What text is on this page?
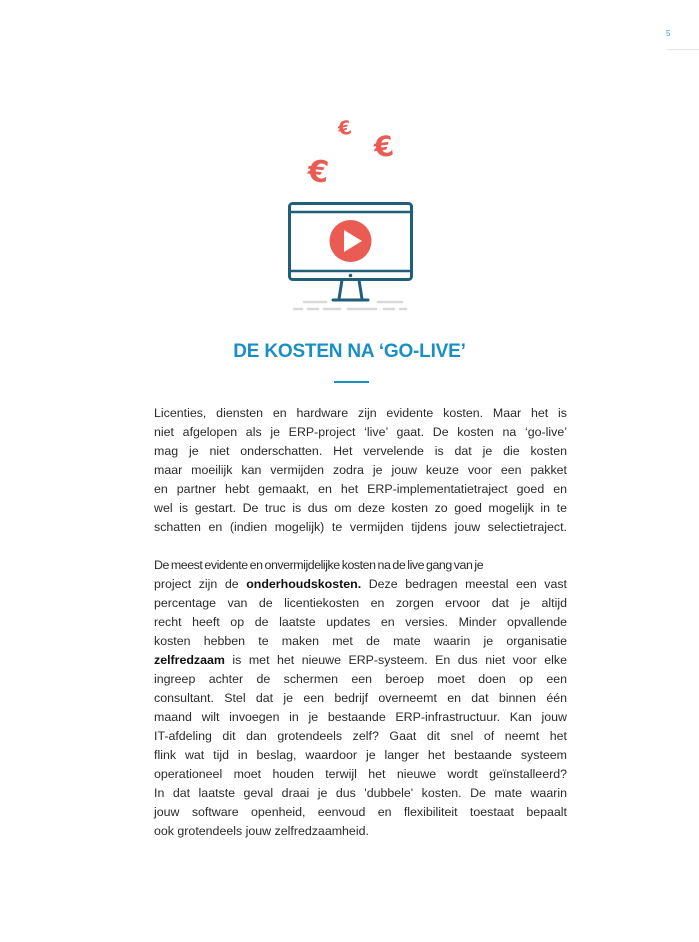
5
€
€
€
DE KOSTEN NA ‘GO-LIVE’

Licenties, diensten en hardware zijn evidente kosten. Maar het is
niet afgelopen als je ERP-project ‘live’ gaat. De kosten na ‘go-live’
mag je niet onderschatten. Het vervelende is dat je die kosten
maar moeilijk kan vermijden zodra je jouw keuze voor een pakket
en partner hebt gemaakt, en het ERP-implementatietraject goed en
wel is gestart. De truc is dus om deze kosten zo goed mogelijk in te
schatten en (indien mogelijk) te vermijden tijdens jouw selectietraject.

De meest evidente en onvermijdelijke kosten na de live gang van je
project zijn de onderhoudskosten. Deze bedragen meestal een vast
percentage van de licentiekosten en zorgen ervoor dat je altijd
recht heeft op de laatste updates en versies. Minder opvallende
kosten hebben te maken met de mate waarin je organisatie
zelfredzaam is met het nieuwe ERP-systeem. En dus niet voor elke
ingreep achter de schermen een beroep moet doen op een
consultant. Stel dat je een bedrijf overneemt en dat binnen één
maand wilt invoegen in je bestaande ERP-infrastructuur. Kan jouw
IT-afdeling dit dan grotendeels zelf? Gaat dit snel of neemt het
flink wat tijd in beslag, waardoor je langer het bestaande systeem
operationeel moet houden terwijl het nieuwe wordt geïnstalleerd?
In dat laatste geval draai je dus 'dubbele' kosten. De mate waarin
jouw software openheid, eenvoud en flexibiliteit toestaat bepaalt
ook grotendeels jouw zelfredzaamheid.
